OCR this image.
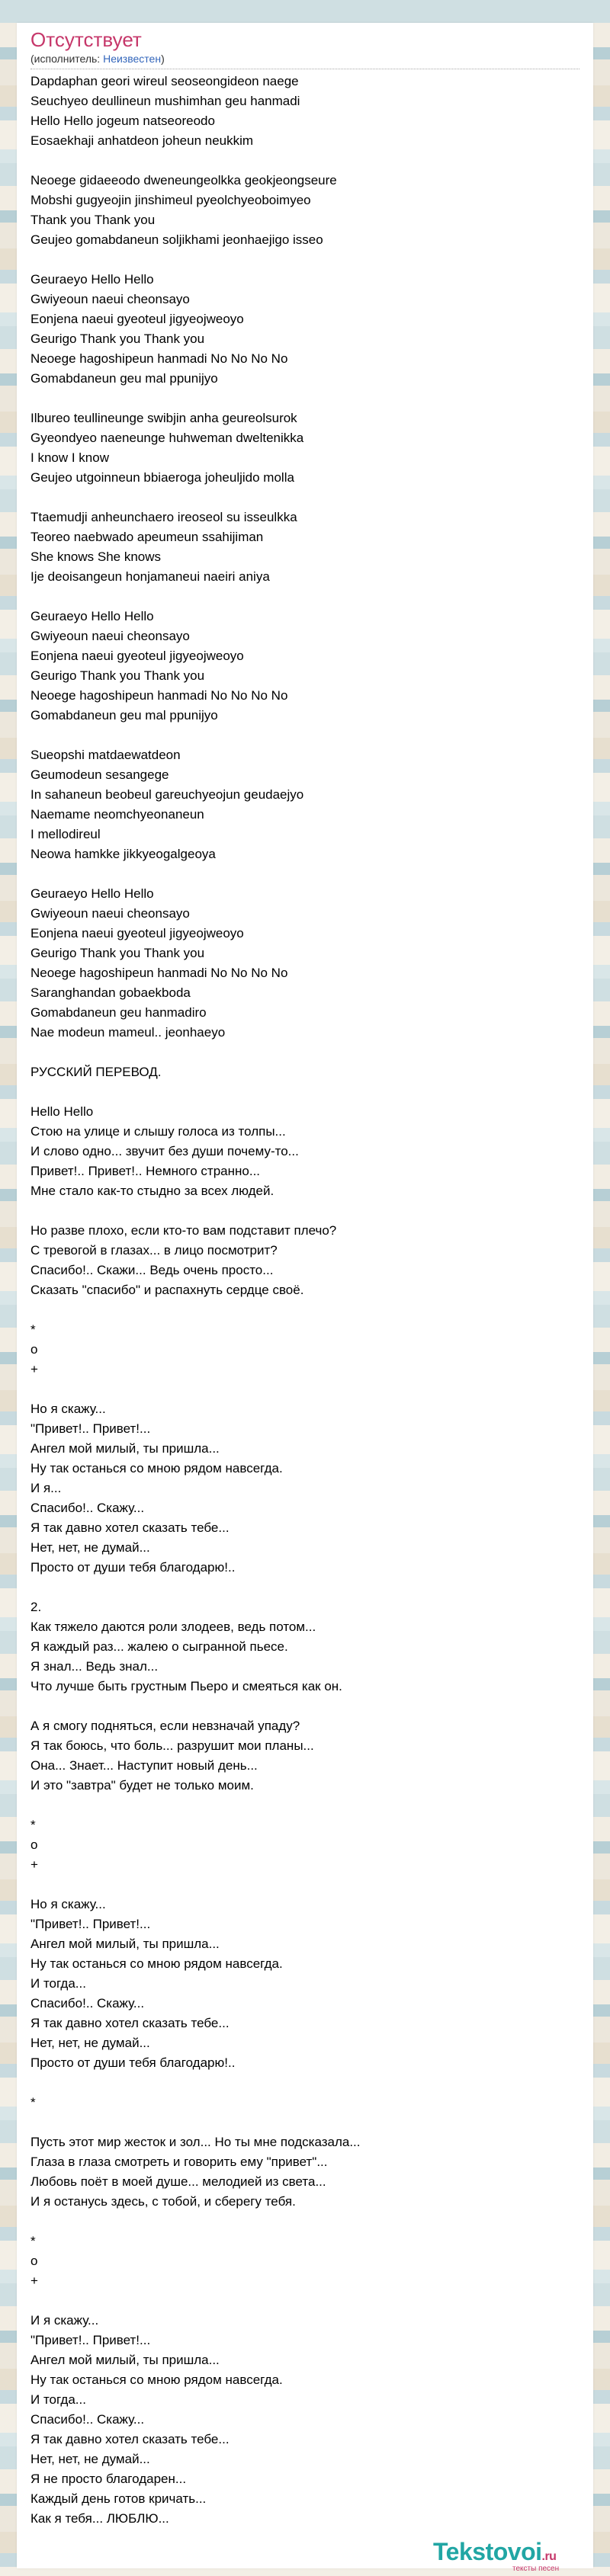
Отсутствует
(исполнитель: Неизвестен)
Dapdaphan geori wireul seoseongideon naege
Seuchyeo deullineun mushimhan geu hanmadi
Hello Hello jogeum natseoreodo
Eosaekhaji anhatdeon joheun neukkim
Neoege gidaeeodo dweneungeolkka geokjeongseure
Mobshi gugyeojin jinshimeul pyeolchyeoboimyeo
Thank you Thank you
Geujeo gomabdaneun soljikhami jeonhaejigo isseo
Geuraeyo Hello Hello
Gwiyeoun naeui cheonsayo
Eonjena naeui gyeoteul jigyeojweoyo
Geurigo Thank you Thank you
Neoege hagoshipeun hanmadi No No No No
Gomabdaneun geu mal ppunijyo
Ilbureo teullineunge swibjin anha geureolsurok
Gyeondyeo naeneunge huhweman dweltenikka
I know I know
Geujeo utgoinneun bbiaeroga joheuljido molla
Ttaemudji anheunchaero ireoseol su isseulkka
Teoreo naebwado apeumeun ssahijiman
She knows She knows
Ije deoisangeun honjamaneui naeiri aniya
Geuraeyo Hello Hello
Gwiyeoun naeui cheonsayo
Eonjena naeui gyeoteul jigyeojweoyo
Geurigo Thank you Thank you
Neoege hagoshipeun hanmadi No No No No
Gomabdaneun geu mal ppunijyo
Sueopshi matdaewatdeon
Geumodeun sesangege
In sahaneun beobeul gareuchyeojun geudaejyo
Naemame neomchyeonaneun
I mellodireul
Neowa hamkke jikkyeogalgeoya
Geuraeyo Hello Hello
Gwiyeoun naeui cheonsayo
Eonjena naeui gyeoteul jigyeojweoyo
Geurigo Thank you Thank you
Neoege hagoshipeun hanmadi No No No No
Saranghandan gobaekboda
Gomabdaneun geu hanmadiro
Nae modeun mameul.. jeonhaeyo
РУССКИЙ ПЕРЕВОД.
Hello Hello
Стою на улице и слышу голоса из толпы...
И слово одно... звучит без души почему-то...
Привет!.. Привет!.. Немного странно...
Мне стало как-то стыдно за всех людей.
Но разве плохо, если кто-то вам подставит плечо?
С тревогой в глазах... в лицо посмотрит?
Спасибо!.. Скажи... Ведь очень просто...
Сказать "спасибо" и распахнуть сердце своё.
*
о
+
Но я скажу...
"Привет!.. Привет!...
Ангел мой милый, ты пришла...
Ну так останься со мною рядом навсегда.
И я...
Спасибо!.. Скажу...
Я так давно хотел сказать тебе...
Нет, нет, не думай...
Просто от души тебя благодарю!..
2.
Как тяжело даются роли злодеев, ведь потом...
Я каждый раз... жалею о сыгранной пьесе.
Я знал... Ведь знал...
Что лучше быть грустным Пьеро и смеяться как он.
А я смогу подняться, если невзначай упаду?
Я так боюсь, что боль... разрушит мои планы...
Она... Знает... Наступит новый день...
И это "завтра" будет не только моим.
*
о
+
Но я скажу...
"Привет!.. Привет!...
Ангел мой милый, ты пришла...
Ну так останься со мною рядом навсегда.
И тогда...
Спасибо!.. Скажу...
Я так давно хотел сказать тебе...
Нет, нет, не думай...
Просто от души тебя благодарю!..
*
Пусть этот мир жесток и зол... Но ты мне подсказала...
Глаза в глаза смотреть и говорить ему "привет"...
Любовь поёт в моей душе... мелодией из света...
И я останусь здесь, с тобой, и сберегу тебя.
*
о
+
И я скажу...
"Привет!.. Привет!...
Ангел мой милый, ты пришла...
Ну так останься со мною рядом навсегда.
И тогда...
Спасибо!.. Скажу...
Я так давно хотел сказать тебе...
Нет, нет, не думай...
Я не просто благодарен...
Каждый день готов кричать...
Как я тебя... ЛЮБЛЮ...
Tekstovoi.ru
тексты песен
